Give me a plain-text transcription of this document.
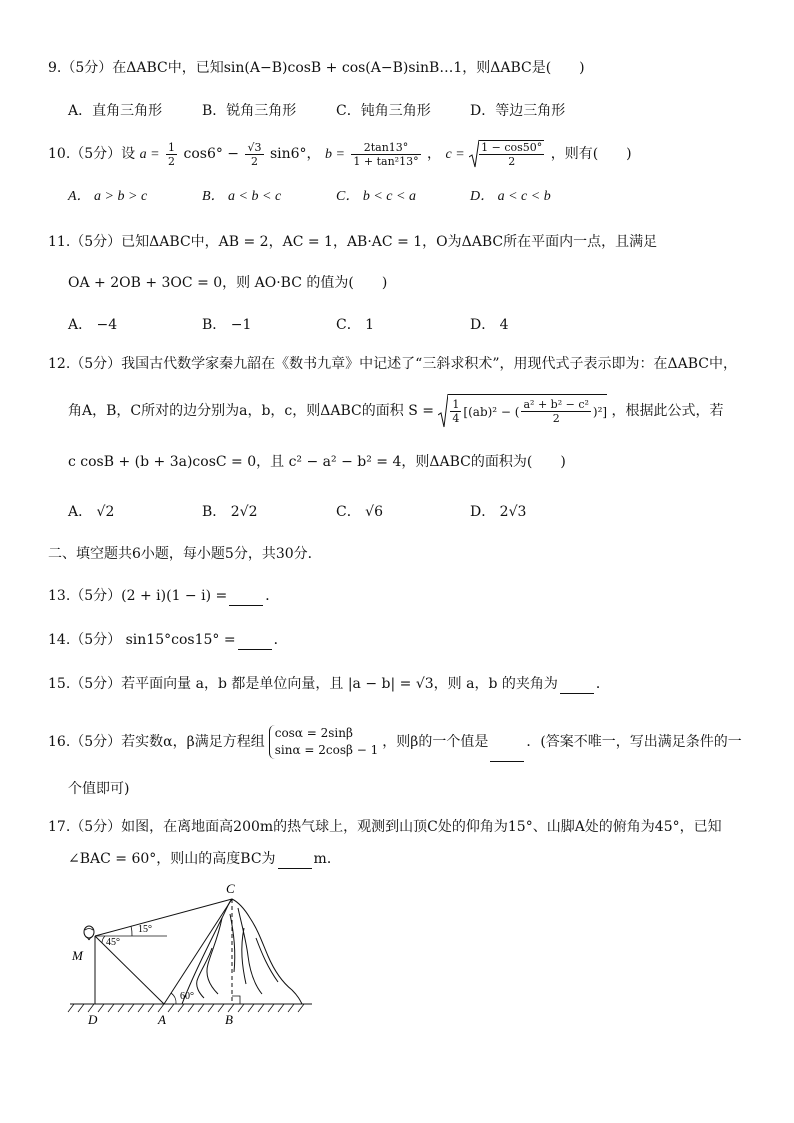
9.（5分）在ΔABC中，已知sin(A−B)cosB + cos(A−B)sinB…1，则ΔABC是(　　)
A．直角三角形	B．锐角三角形	C．钝角三角形	D．等边三角形
10.（5分）设 $a = \frac{1}{2} \cos 6^\circ - \frac{√3}{2} \sin 6^\circ$， $b = \frac{2\tan 13^\circ}{\text{1 + tan²13°}}$ ， $c = \frac{1 - \cos 50^\circ}{2}$ ，则有(　　)
A． a > b > c	B． a < b < c	C． b < c < a	D． a < c < b
11.（5分）已知ΔABC中，AB = 2，AC = 1，AB·AC = 1，O为ΔABC所在平面内一点，且满足
OA + 2OB + 3OC = 0，则 AO·BC 的值为(　　)
A． −4	B． −1	C． 1	D． 4
12.（5分）我国古代数学家秦九韶在《数书九章》中记述了“三斜求积术”，用现代式子表示即为：在ΔABC中，
角A，B，C所对的边分别为a，b，c，则ΔABC的面积 $S = \frac{1}{4} [(ab)^2$ − ( $\frac{\text{a² + b² − c²}}{2} )^2$] ，根据此公式，若
c cosB + (b + 3a)cosC = 0，且 c² − a² − b² = 4，则ΔABC的面积为(　　)
A． √2	B． 2√2	C． √6	D． 2√3
二、填空题共6小题，每小题5分，共30分．
13.（5分）(2 + i)(1 − i) =	．
14.（5分） sin15°cos15° =	．
15.（5分）若平面向量 a，b 都是单位向量，且 |a − b| = √3，则 a，b 的夹角为	．
16.（5分）若实数α，β满足方程组
cosα = 2sinβ
sinα = 2cosβ − 1 ，则β的一个值是	．(答案不唯一，写出满足条件的一
个值即可)
17.（5分）如图，在离地面高200m的热气球上，观测到山顶C处的仰角为15°、山脚A处的俯角为45°，已知
∠BAC = 60°，则山的高度BC为	m．
C
M
D	A	B
15°
45°
60°
